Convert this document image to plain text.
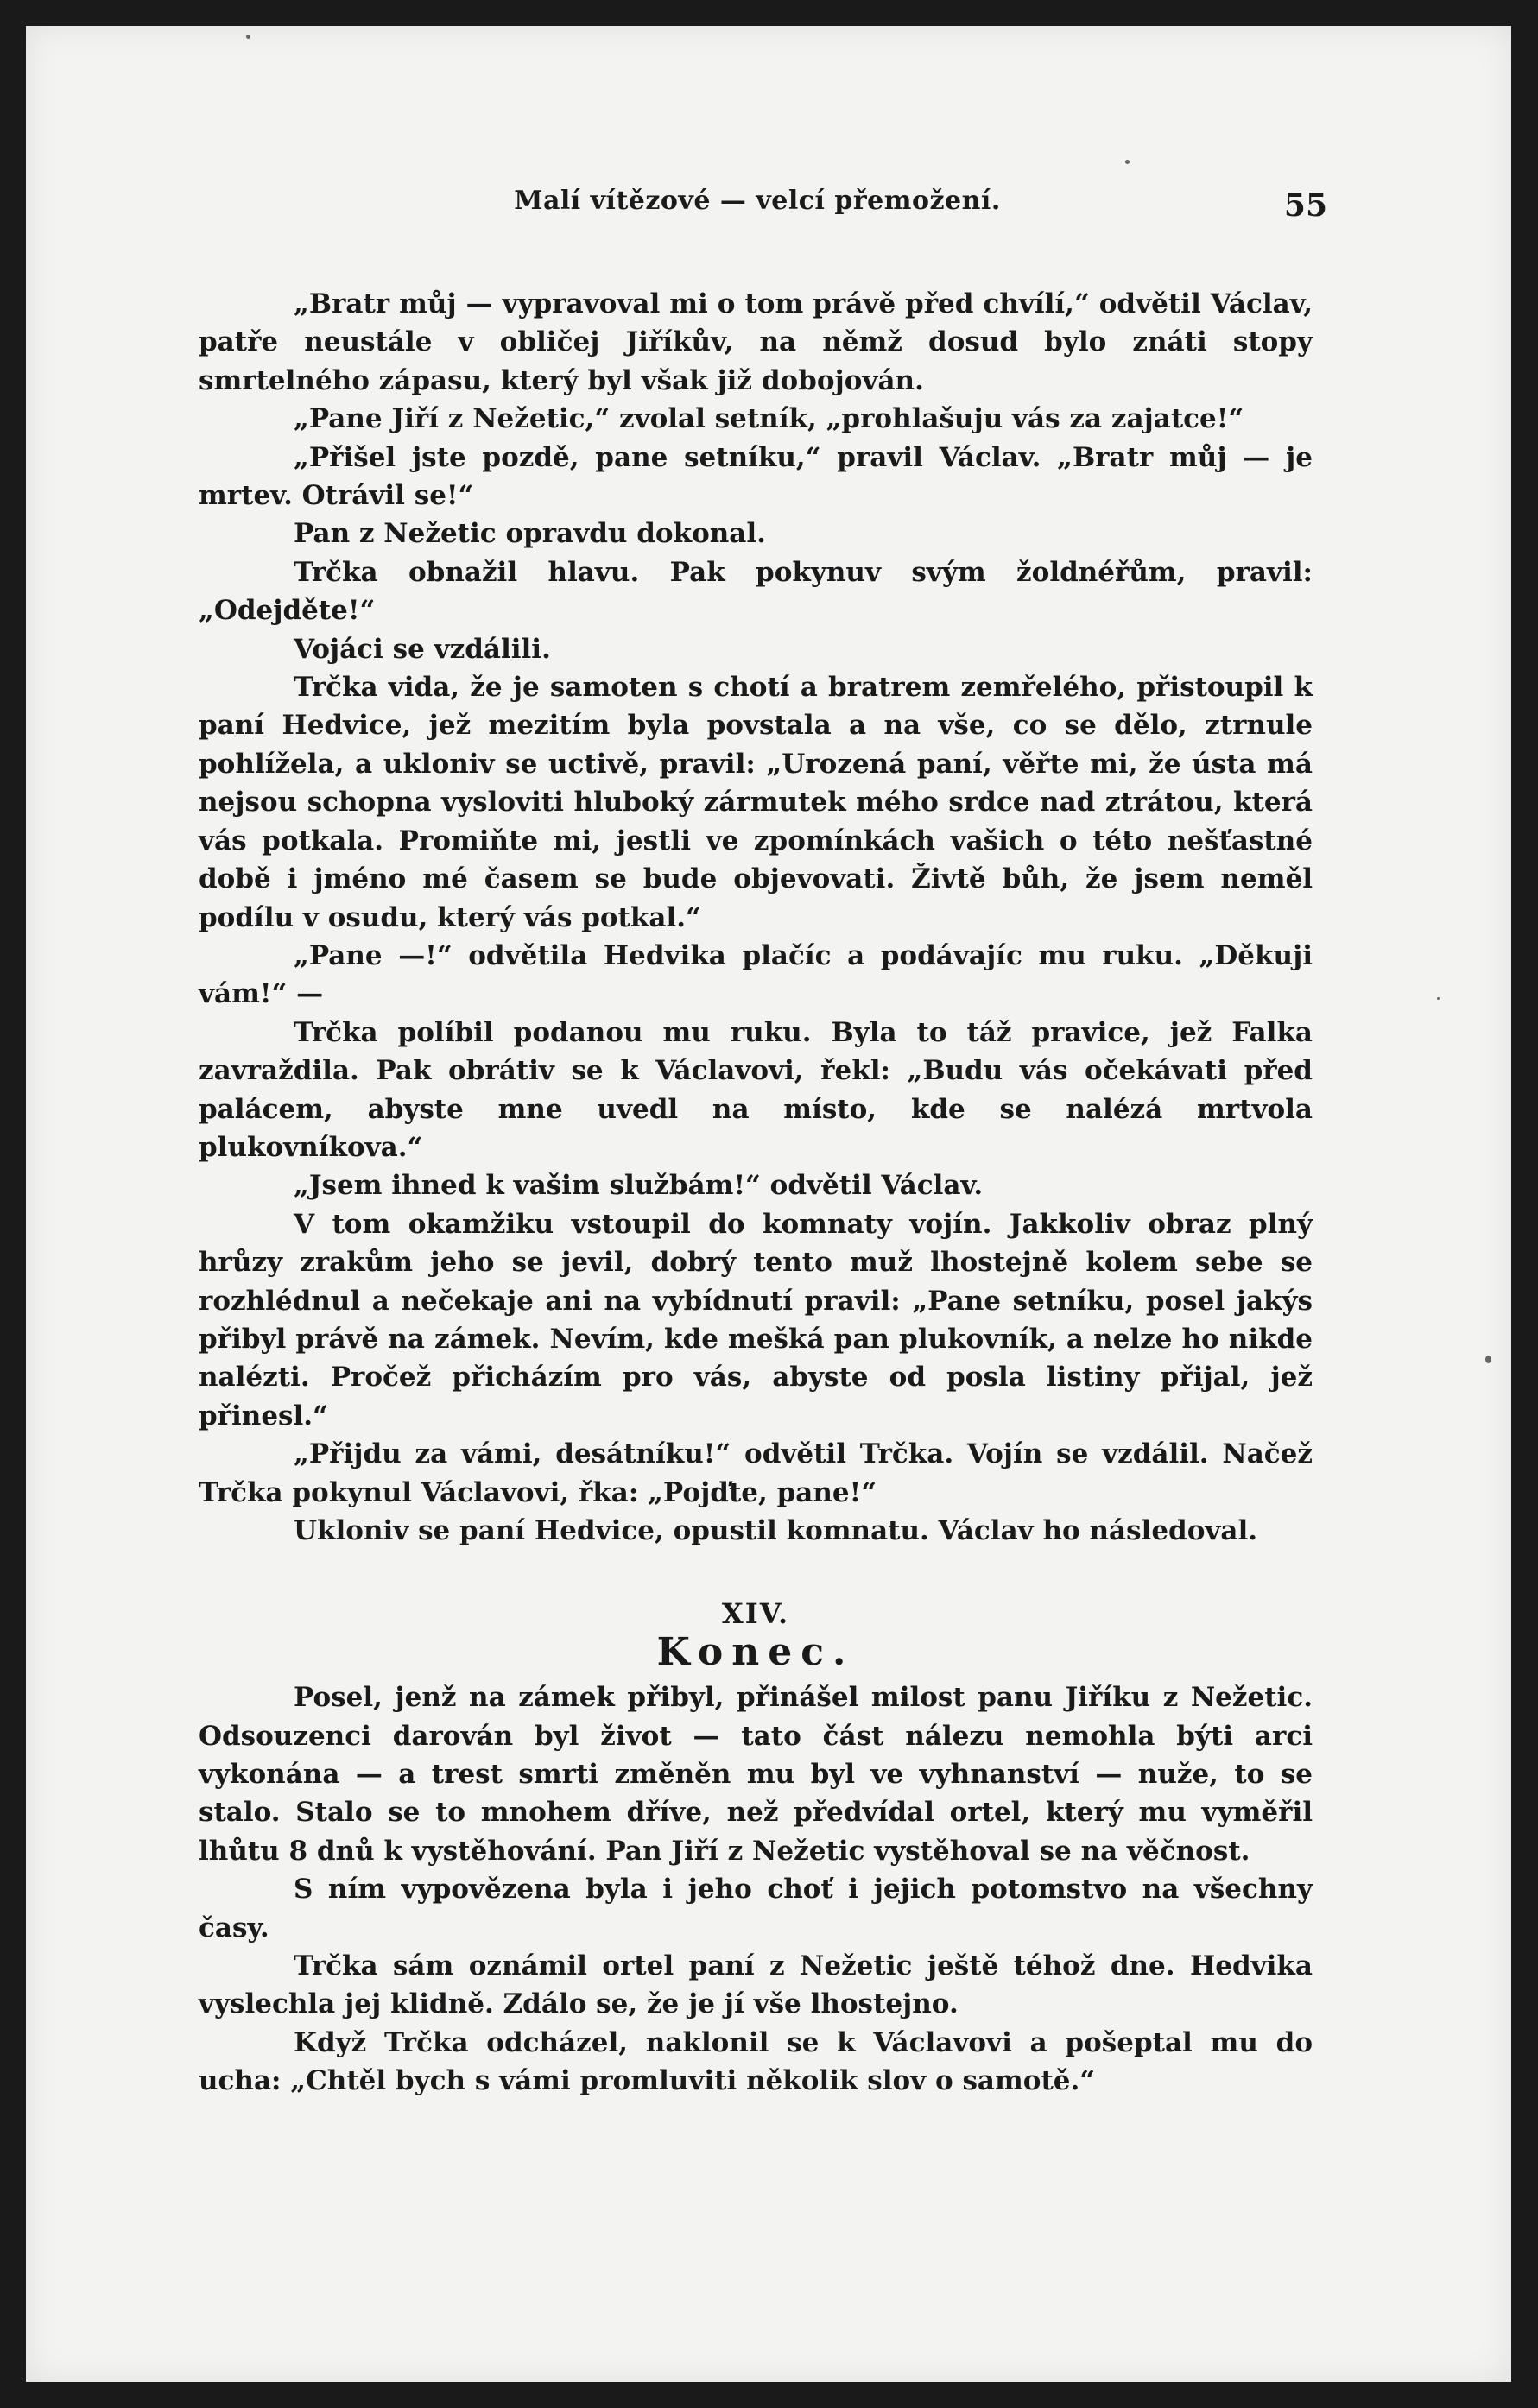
Malí vítězové — velcí přemožení.	55

„Bratr můj — vypravoval mi o tom právě před chvílí,“ odvětil Václav, patře neustále v obličej Jiříkův, na němž dosud bylo znáti stopy smrtelného zápasu, který byl však již dobojován.

„Pane Jiří z Nežetic,“ zvolal setník, „prohlašuju vás za zajatce!“

„Přišel jste pozdě, pane setníku,“ pravil Václav. „Bratr můj — je mrtev. Otrávil se!“

Pan z Nežetic opravdu dokonal.

Trčka obnažil hlavu. Pak pokynuv svým žoldnéřům, pravil: „Odejděte!“

Vojáci se vzdálili.

Trčka vida, že je samoten s chotí a bratrem zemřelého, přistoupil k paní Hedvice, jež mezitím byla povstala a na vše, co se dělo, ztrnule pohlížela, a ukloniv se uctivě, pravil: „Urozená paní, věřte mi, že ústa má nejsou schopna vysloviti hluboký zármutek mého srdce nad ztrátou, která vás potkala. Promiňte mi, jestli ve zpomínkách vašich o této nešťastné době i jméno mé časem se bude objevovati. Živtě bůh, že jsem neměl podílu v osudu, který vás potkal.“

„Pane —!“ odvětila Hedvika plačíc a podávajíc mu ruku. „Děkuji vám!“ —

Trčka políbil podanou mu ruku. Byla to táž pravice, jež Falka zavraždila. Pak obrátiv se k Václavovi, řekl: „Budu vás očekávati před palácem, abyste mne uvedl na místo, kde se nalézá mrtvola plukovníkova.“

„Jsem ihned k vašim službám!“ odvětil Václav.

V tom okamžiku vstoupil do komnaty vojín. Jakkoliv obraz plný hrůzy zrakům jeho se jevil, dobrý tento muž lhostejně kolem sebe se rozhlédnul a nečekaje ani na vybídnutí pravil: „Pane setníku, posel jakýs přibyl právě na zámek. Nevím, kde mešká pan plukovník, a nelze ho nikde nalézti. Pročež přicházím pro vás, abyste od posla listiny přijal, jež přinesl.“

„Přijdu za vámi, desátníku!“ odvětil Trčka. Vojín se vzdálil. Načež Trčka pokynul Václavovi, řka: „Pojďte, pane!“

Ukloniv se paní Hedvice, opustil komnatu. Václav ho následoval.

XIV.

Konec.

Posel, jenž na zámek přibyl, přinášel milost panu Jiříku z Nežetic. Odsouzenci darován byl život — tato část nálezu nemohla býti arci vykonána — a trest smrti změněn mu byl ve vyhnanství — nuže, to se stalo. Stalo se to mnohem dříve, než předvídal ortel, který mu vyměřil lhůtu 8 dnů k vystěhování. Pan Jiří z Nežetic vystěhoval se na věčnost.

S ním vypovězena byla i jeho choť i jejich potomstvo na všechny časy.

Trčka sám oznámil ortel paní z Nežetic ještě téhož dne. Hedvika vyslechla jej klidně. Zdálo se, že je jí vše lhostejno.

Když Trčka odcházel, naklonil se k Václavovi a pošeptal mu do ucha: „Chtěl bych s vámi promluviti několik slov o samotě.“
